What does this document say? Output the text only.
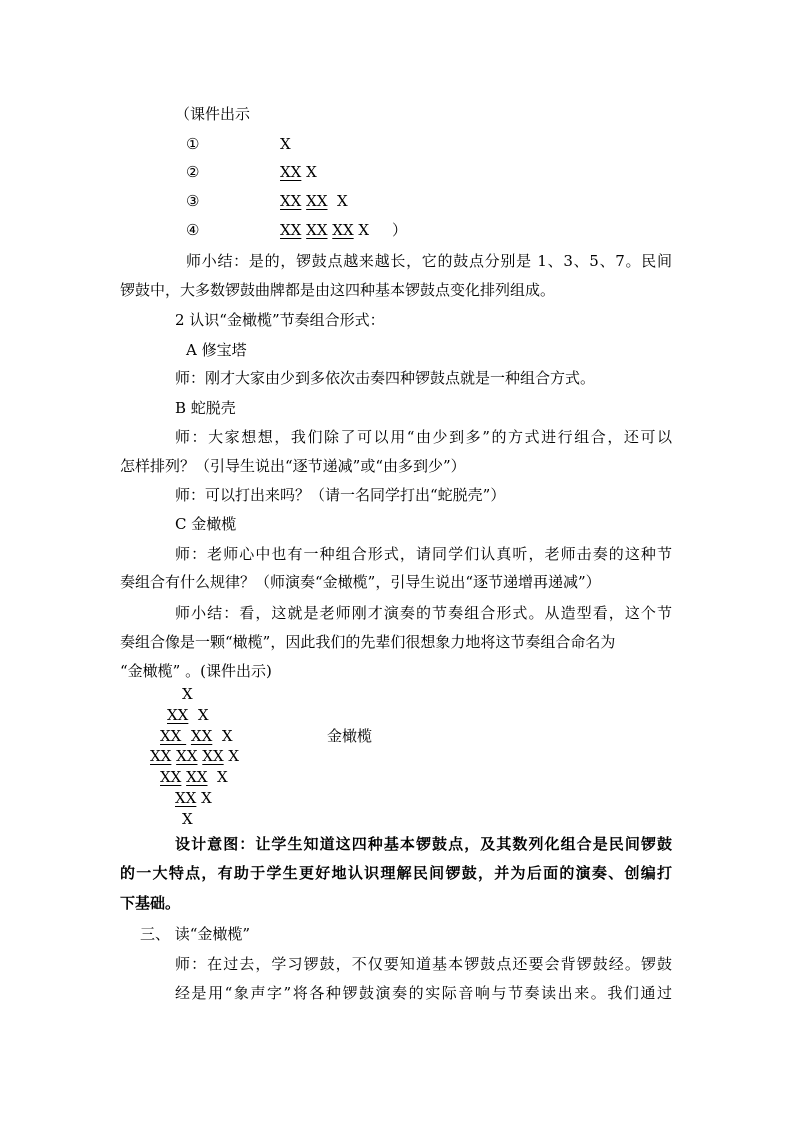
（课件出示
①	X
②	XX X
③	XX XX  X
④	XX XX XX X ）
师小结：是的，锣鼓点越来越长，它的鼓点分别是 1、3、5、7。民间
锣鼓中，大多数锣鼓曲牌都是由这四种基本锣鼓点变化排列组成。
2 认识“金橄榄”节奏组合形式：
A 修宝塔
师：刚才大家由少到多依次击奏四种锣鼓点就是一种组合方式。
B 蛇脱壳
师：大家想想，我们除了可以用“由少到多”的方式进行组合，还可以
怎样排列？（引导生说出“逐节递减”或“由多到少”）
师：可以打出来吗？（请一名同学打出“蛇脱壳”）
C 金橄榄
师：老师心中也有一种组合形式，请同学们认真听，老师击奏的这种节
奏组合有什么规律？（师演奏“金橄榄”，引导生说出“逐节递增再递减”）
师小结：看，这就是老师刚才演奏的节奏组合形式。从造型看，这个节
奏组合像是一颗“橄榄”，因此我们的先辈们很想象力地将这节奏组合命名为
“金橄榄” 。(课件出示)
X
XX  X
XX  XX  X	金橄榄
XX XX XX X
XX XX  X
XX X
X
设计意图：让学生知道这四种基本锣鼓点，及其数列化组合是民间锣鼓
的一大特点，有助于学生更好地认识理解民间锣鼓，并为后面的演奏、创编打
下基础。
三、 读“金橄榄”
师：在过去，学习锣鼓，不仅要知道基本锣鼓点还要会背锣鼓经。锣鼓
经是用“象声字”将各种锣鼓演奏的实际音响与节奏读出来。我们通过
